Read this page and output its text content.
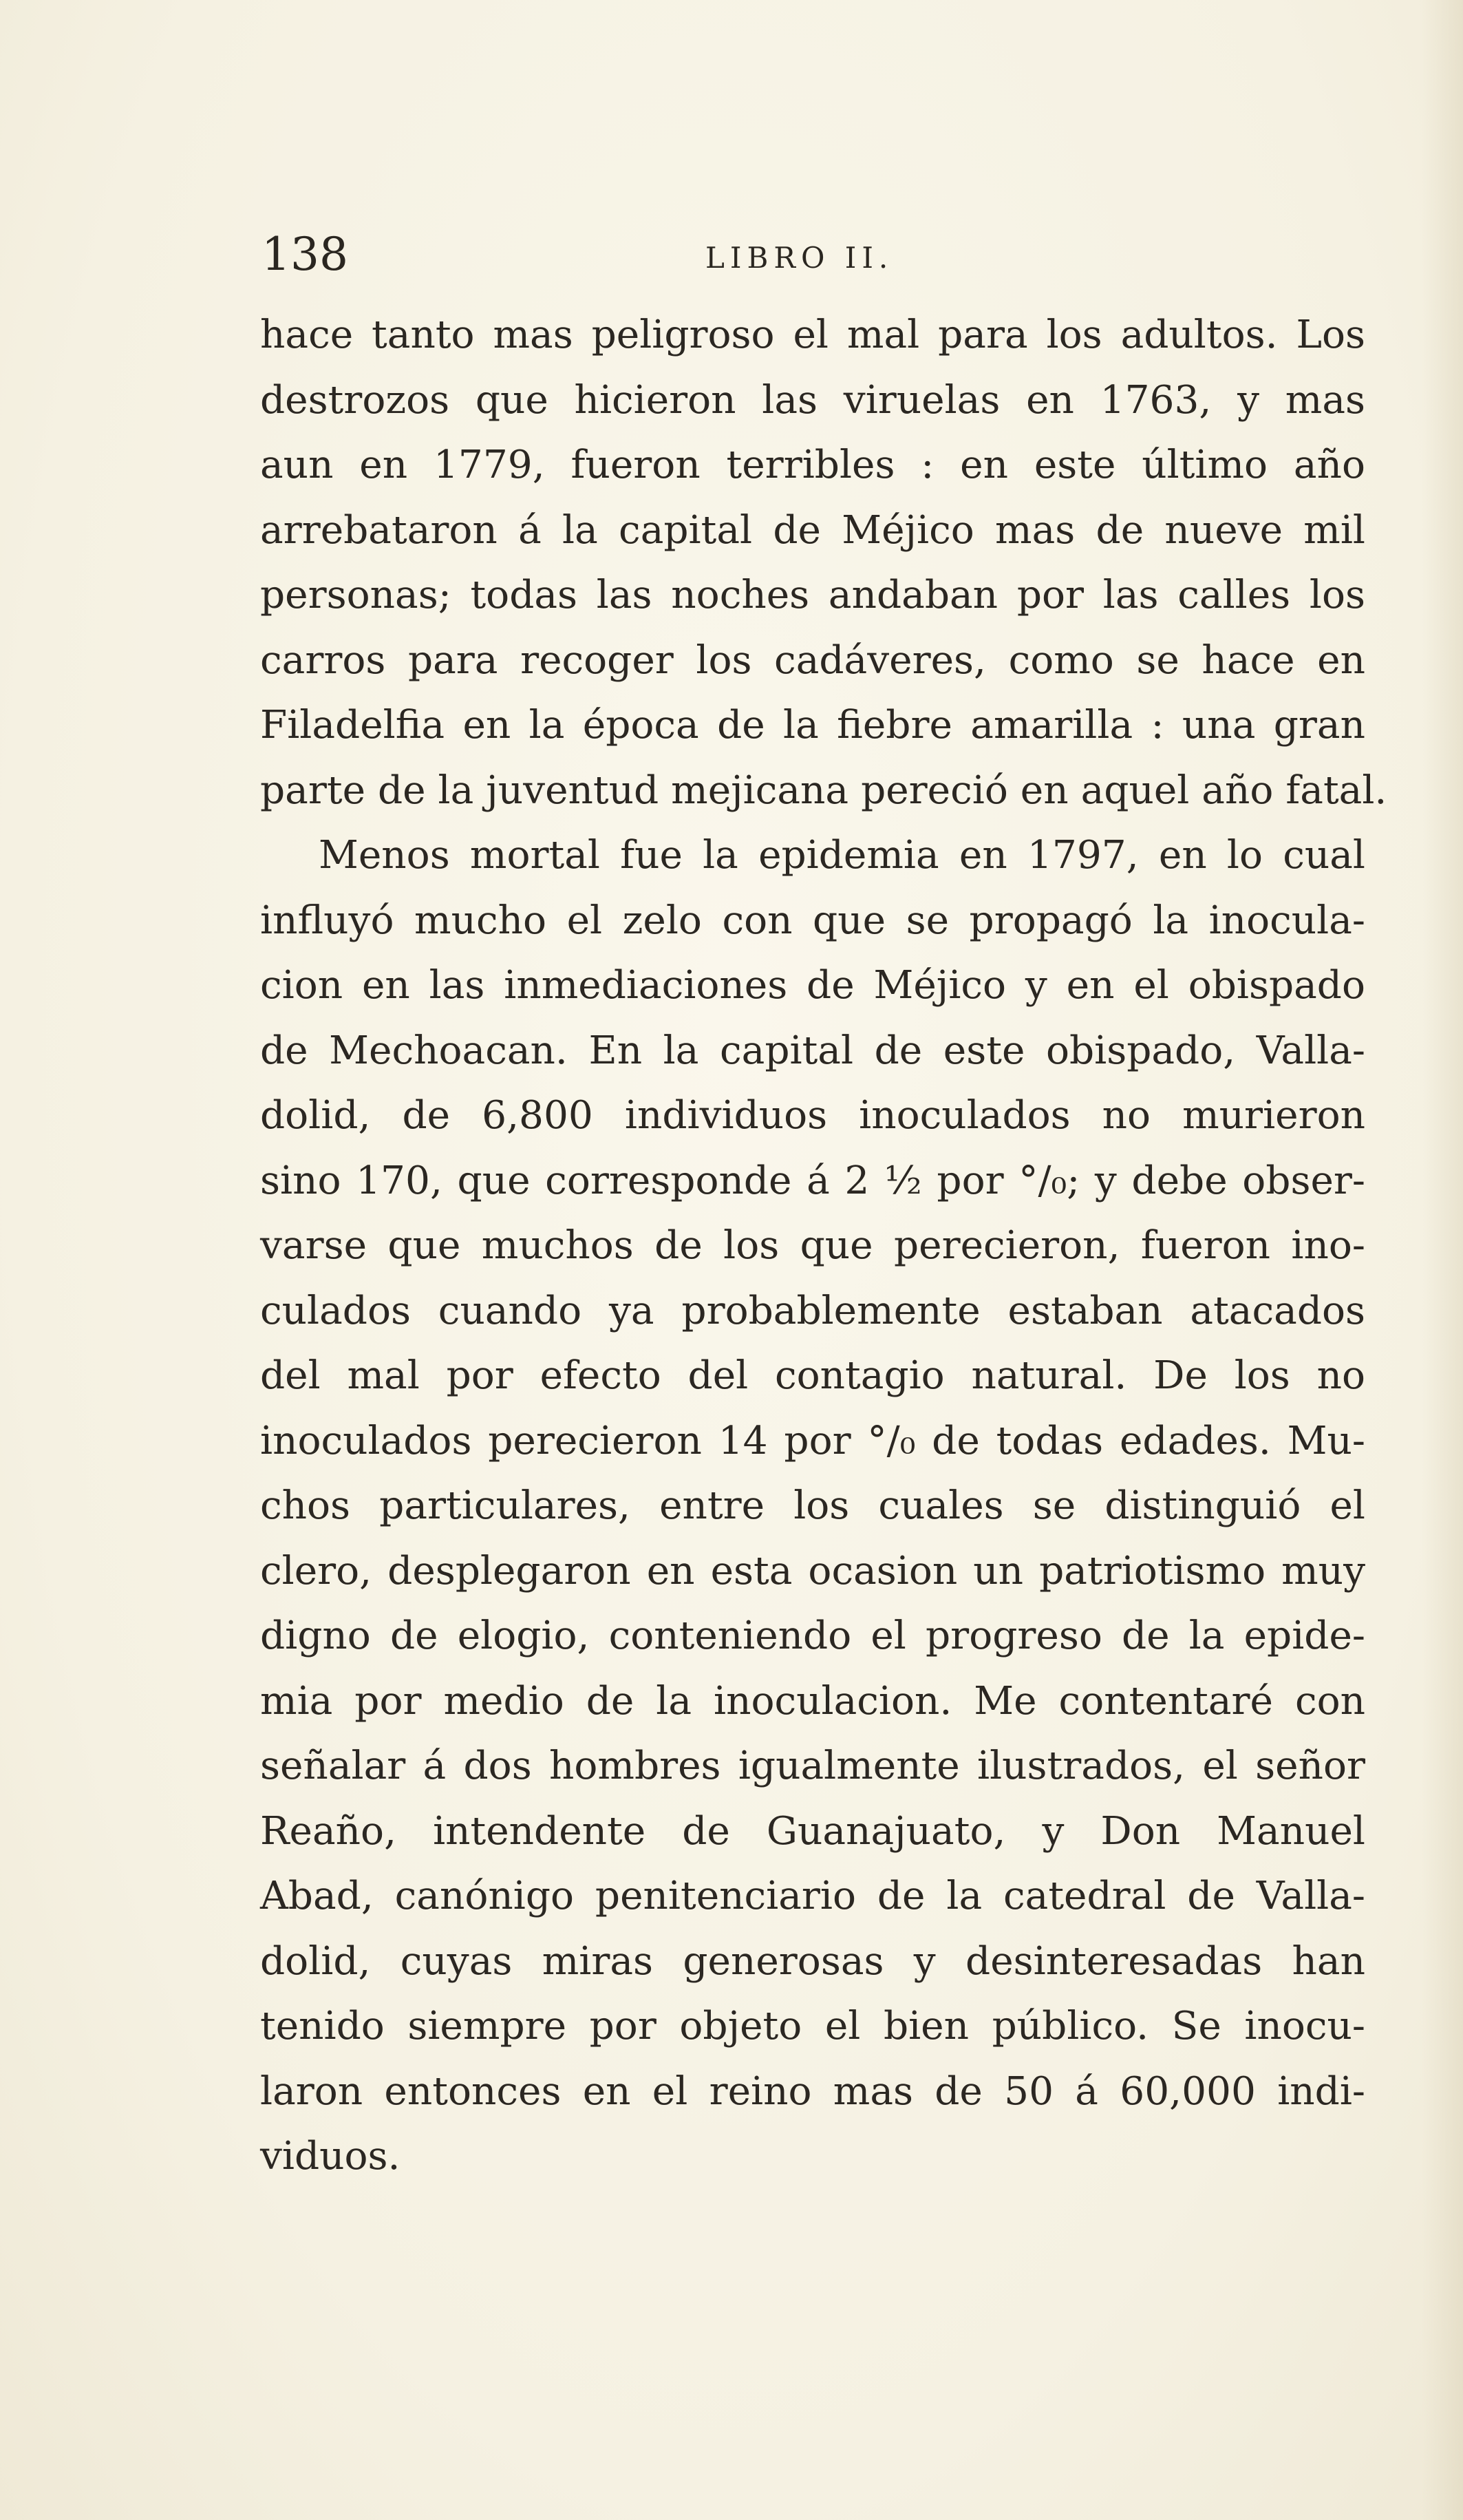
138	LIBRO II.
hace tanto mas peligroso el mal para los adultos. Los
destrozos que hicieron las viruelas en 1763, y mas
aun en 1779, fueron terribles : en este último año
arrebataron á la capital de Méjico mas de nueve mil
personas; todas las noches andaban por las calles los
carros para recoger los cadáveres, como se hace en
Filadelfia en la época de la fiebre amarilla : una gran
parte de la juventud mejicana pereció en aquel año fatal.
Menos mortal fue la epidemia en 1797, en lo cual
influyó mucho el zelo con que se propagó la inocula-
cion en las inmediaciones de Méjico y en el obispado
de Mechoacan. En la capital de este obispado, Valla-
dolid, de 6,800 individuos inoculados no murieron
sino 170, que corresponde á 2 ½ por °/₀; y debe obser-
varse que muchos de los que perecieron, fueron ino-
culados cuando ya probablemente estaban atacados
del mal por efecto del contagio natural. De los no
inoculados perecieron 14 por °/₀ de todas edades. Mu-
chos particulares, entre los cuales se distinguió el
clero, desplegaron en esta ocasion un patriotismo muy
digno de elogio, conteniendo el progreso de la epide-
mia por medio de la inoculacion. Me contentaré con
señalar á dos hombres igualmente ilustrados, el señor
Reaño, intendente de Guanajuato, y Don Manuel
Abad, canónigo penitenciario de la catedral de Valla-
dolid, cuyas miras generosas y desinteresadas han
tenido siempre por objeto el bien público. Se inocu-
laron entonces en el reino mas de 50 á 60,000 indi-
viduos.
